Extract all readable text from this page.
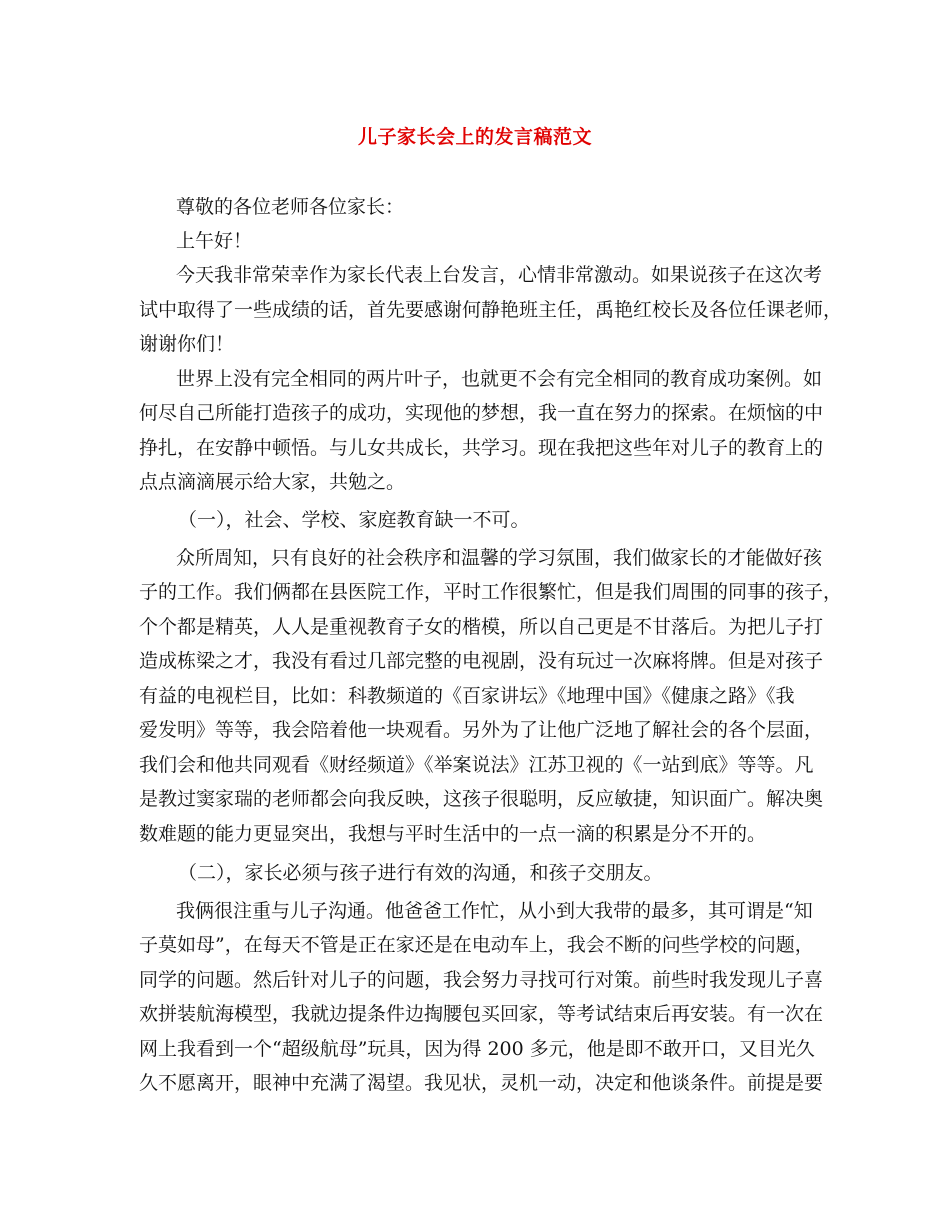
儿子家长会上的发言稿范文
尊敬的各位老师各位家长：
上午好！
今天我非常荣幸作为家长代表上台发言，心情非常激动。如果说孩子在这次考
试中取得了一些成绩的话，首先要感谢何静艳班主任，禹艳红校长及各位任课老师，
谢谢你们！
世界上没有完全相同的两片叶子，也就更不会有完全相同的教育成功案例。如
何尽自己所能打造孩子的成功，实现他的梦想，我一直在努力的探索。在烦恼的中
挣扎，在安静中顿悟。与儿女共成长，共学习。现在我把这些年对儿子的教育上的
点点滴滴展示给大家，共勉之。
（一），社会、学校、家庭教育缺一不可。
众所周知，只有良好的社会秩序和温馨的学习氛围，我们做家长的才能做好孩
子的工作。我们俩都在县医院工作，平时工作很繁忙，但是我们周围的同事的孩子，
个个都是精英，人人是重视教育子女的楷模，所以自己更是不甘落后。为把儿子打
造成栋梁之才，我没有看过几部完整的电视剧，没有玩过一次麻将牌。但是对孩子
有益的电视栏目，比如：科教频道的《百家讲坛》《地理中国》《健康之路》《我
爱发明》等等，我会陪着他一块观看。另外为了让他广泛地了解社会的各个层面，
我们会和他共同观看《财经频道》《举案说法》江苏卫视的《一站到底》等等。凡
是教过窦家瑞的老师都会向我反映，这孩子很聪明，反应敏捷，知识面广。解决奥
数难题的能力更显突出，我想与平时生活中的一点一滴的积累是分不开的。
（二），家长必须与孩子进行有效的沟通，和孩子交朋友。
我俩很注重与儿子沟通。他爸爸工作忙，从小到大我带的最多，其可谓是“知
子莫如母”，在每天不管是正在家还是在电动车上，我会不断的问些学校的问题，
同学的问题。然后针对儿子的问题，我会努力寻找可行对策。前些时我发现儿子喜
欢拼装航海模型，我就边提条件边掏腰包买回家，等考试结束后再安装。有一次在
网上我看到一个“超级航母”玩具，因为得 200 多元，他是即不敢开口，又目光久
久不愿离开，眼神中充满了渴望。我见状，灵机一动，决定和他谈条件。前提是要
